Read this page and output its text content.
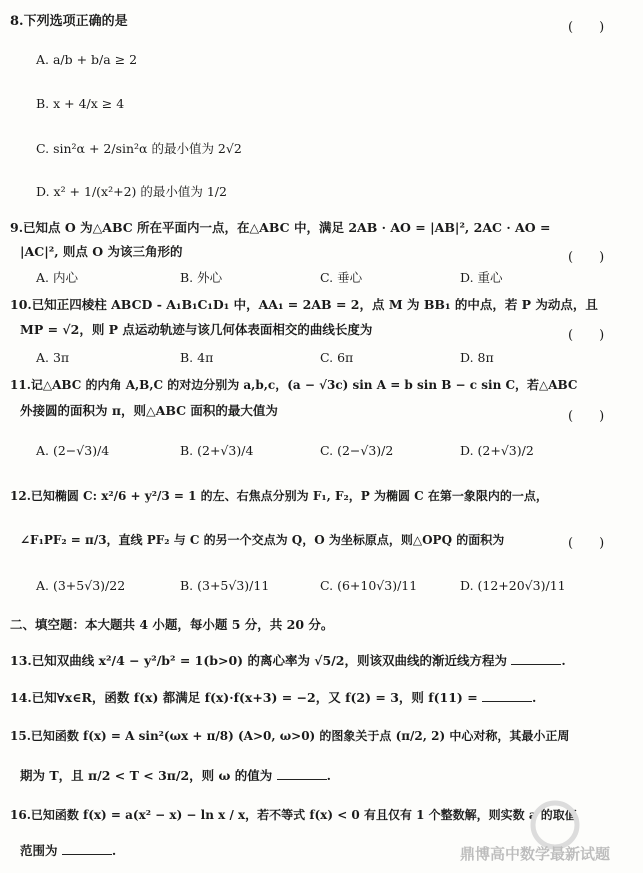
8.下列选项正确的是	(　　)
A. a/b + b/a ≥ 2
B. x + 4/x ≥ 4
C. sin²α + 2/sin²α 的最小值为 2√2
D. x² + 1/(x²+2) 的最小值为 1/2
9.已知点 O 为△ABC 所在平面内一点，在△ABC 中，满足 2AB · AO = |AB|², 2AC · AO =
|AC|², 则点 O 为该三角形的	(　　)
A. 内心	B. 外心	C. 垂心	D. 重心
10.已知正四棱柱 ABCD - A₁B₁C₁D₁ 中，AA₁ = 2AB = 2，点 M 为 BB₁ 的中点，若 P 为动点，且
MP = √2，则 P 点运动轨迹与该几何体表面相交的曲线长度为	(　　)
A. 3π	B. 4π	C. 6π	D. 8π
11.记△ABC 的内角 A,B,C 的对边分别为 a,b,c，(a − √3c) sin A = b sin B − c sin C，若△ABC
外接圆的面积为 π，则△ABC 面积的最大值为	(　　)
A. (2−√3)/4	B. (2+√3)/4	C. (2−√3)/2	D. (2+√3)/2
12.已知椭圆 C: x²/6 + y²/3 = 1 的左、右焦点分别为 F₁, F₂，P 为椭圆 C 在第一象限内的一点，
∠F₁PF₂ = π/3，直线 PF₂ 与 C 的另一个交点为 Q，O 为坐标原点，则△OPQ 的面积为	(　　)
A. (3+5√3)/22	B. (3+5√3)/11	C. (6+10√3)/11	D. (12+20√3)/11
二、填空题：本大题共 4 小题，每小题 5 分，共 20 分。
13.已知双曲线 x²/4 − y²/b² = 1(b>0) 的离心率为 √5/2，则该双曲线的渐近线方程为	.
14.已知∀x∈R，函数 f(x) 都满足 f(x)·f(x+3) = −2，又 f(2) = 3，则 f(11) =	.
15.已知函数 f(x) = A sin²(ωx + π/8) (A>0, ω>0) 的图象关于点 (π/2, 2) 中心对称，其最小正周
期为 T，且 π/2 < T < 3π/2，则 ω 的值为	.
16.已知函数 f(x) = a(x² − x) − ln x / x，若不等式 f(x) < 0 有且仅有 1 个整数解，则实数 a 的取值
范围为	.	鼎博高中数学最新试题
